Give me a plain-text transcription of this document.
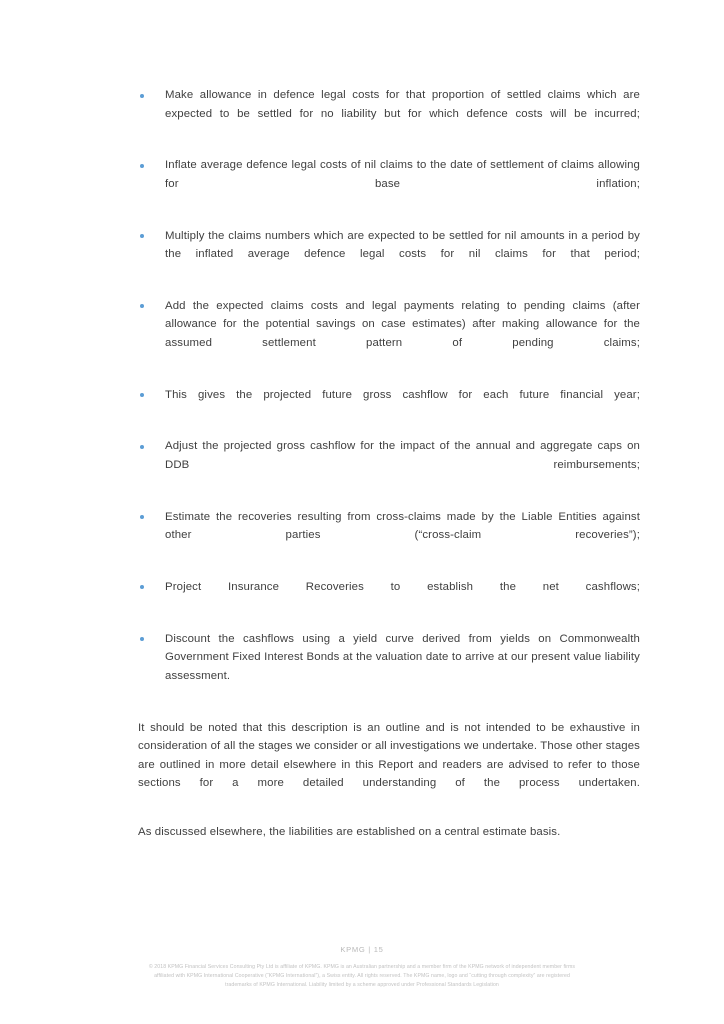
Make allowance in defence legal costs for that proportion of settled claims which are expected to be settled for no liability but for which defence costs will be incurred;
Inflate average defence legal costs of nil claims to the date of settlement of claims allowing for base inflation;
Multiply the claims numbers which are expected to be settled for nil amounts in a period by the inflated average defence legal costs for nil claims for that period;
Add the expected claims costs and legal payments relating to pending claims (after allowance for the potential savings on case estimates) after making allowance for the assumed settlement pattern of pending claims;
This gives the projected future gross cashflow for each future financial year;
Adjust the projected gross cashflow for the impact of the annual and aggregate caps on DDB reimbursements;
Estimate the recoveries resulting from cross-claims made by the Liable Entities against other parties (“cross-claim recoveries”);
Project Insurance Recoveries to establish the net cashflows;
Discount the cashflows using a yield curve derived from yields on Commonwealth Government Fixed Interest Bonds at the valuation date to arrive at our present value liability assessment.

It should be noted that this description is an outline and is not intended to be exhaustive in consideration of all the stages we consider or all investigations we undertake. Those other stages are outlined in more detail elsewhere in this Report and readers are advised to refer to those sections for a more detailed understanding of the process undertaken.

As discussed elsewhere, the liabilities are established on a central estimate basis.

KPMG | 15
© 2018 KPMG Financial Services Consulting Pty Ltd is affiliate of KPMG. KPMG is an Australian partnership and a member firm of the KPMG network of independent member firms
affiliated with KPMG International Cooperative (“KPMG International”), a Swiss entity. All rights reserved. The KPMG name, logo and “cutting through complexity” are registered
trademarks of KPMG International. Liability limited by a scheme approved under Professional Standards Legislation
